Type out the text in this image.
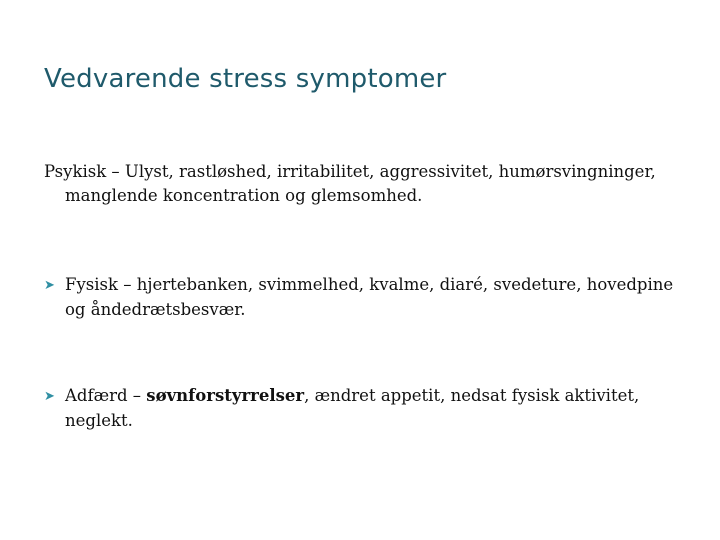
Vedvarende stress symptomer
Psykisk – Ulyst, rastløshed, irritabilitet, aggressivitet, humørsvingninger, manglende koncentration og glemsomhed.
➤ Fysisk – hjertebanken, svimmelhed, kvalme, diaré, svedeture, hovedpine og åndedrætsbesvær.
➤ Adfærd – søvnforstyrrelser, ændret appetit, nedsat fysisk aktivitet, neglekt.
